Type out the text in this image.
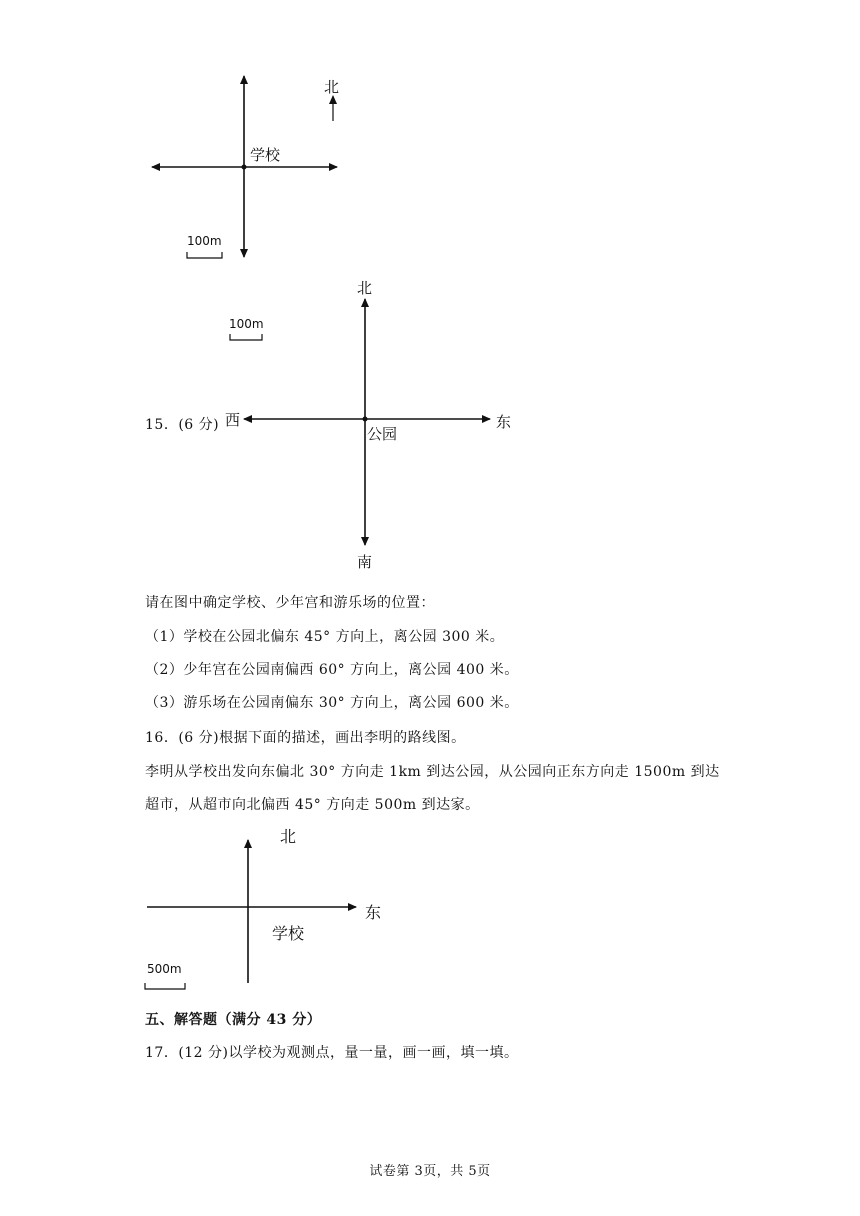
学校
北
100m
北
南
西	东
公园
100m
15．(6 分)
请在图中确定学校、少年宫和游乐场的位置：
（1）学校在公园北偏东 45° 方向上，离公园 300 米。
（2）少年宫在公园南偏西 60° 方向上，离公园 400 米。
（3）游乐场在公园南偏东 30° 方向上，离公园 600 米。
16．(6 分)根据下面的描述，画出李明的路线图。
李明从学校出发向东偏北 30° 方向走 1km 到达公园，从公园向正东方向走 1500m 到达
超市，从超市向北偏西 45° 方向走 500m 到达家。
北
东
学校
500m
五、解答题（满分 43 分）
17．(12 分)以学校为观测点，量一量，画一画，填一填。
试卷第 3页，共 5页
